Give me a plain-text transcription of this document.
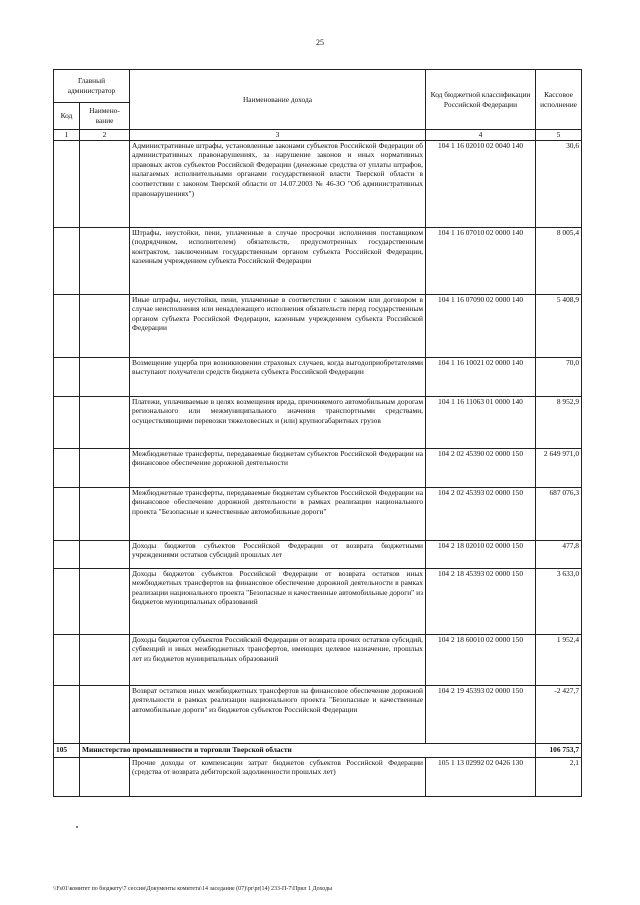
25
Главный администратор		Наименование дохода	Код бюджетной классификации Российской Федерации	Кассовое исполнение
Код	Наимено-вание			
1	2	3	4	5
		Административные штрафы, установленные законами субъектов Российской Федерации об административных правонарушениях, за нарушение законов и иных нормативных правовых актов субъектов Российской Федерации (денежные средства от уплаты штрафов, налагаемых исполнительными органами государственной власти Тверской области в соответствии с законом Тверской области от 14.07.2003 № 46-ЗО "Об административных правонарушениях")	104 1 16 02010 02 0040 140	30,6
		Штрафы, неустойки, пени, уплаченные в случае просрочки исполнения поставщиком (подрядчиком, исполнителем) обязательств, предусмотренных государственным контрактом, заключенным государственным органом субъекта Российской Федерации, казенным учреждением субъекта Российской Федерации	104 1 16 07010 02 0000 140	8 005,4
		Иные штрафы, неустойки, пени, уплаченные в соответствии с законом или договором в случае неисполнения или ненадлежащего исполнения обязательств перед государственным органом субъекта Российской Федерации, казенным учреждением субъекта Российской Федерации	104 1 16 07090 02 0000 140	5 408,9
		Возмещение ущерба при возникновении страховых случаев, когда выгодоприобретателями выступают получатели средств бюджета субъекта Российской Федерации	104 1 16 10021 02 0000 140	70,0
		Платежи, уплачиваемые в целях возмещения вреда, причиняемого автомобильным дорогам регионального или межмуниципального значения транспортными средствами, осуществляющими перевозки тяжеловесных и (или) крупногабаритных грузов	104 1 16 11063 01 0000 140	8 952,9
		Межбюджетные трансферты, передаваемые бюджетам субъектов Российской Федерации на финансовое обеспечение дорожной деятельности	104 2 02 45390 02 0000 150	2 649 971,0
		Межбюджетные трансферты, передаваемые бюджетам субъектов Российской Федерации на финансовое обеспечение дорожной деятельности в рамках реализации национального проекта "Безопасные и качественные автомобильные дороги"	104 2 02 45393 02 0000 150	687 076,3
		Доходы бюджетов субъектов Российской Федерации от возврата бюджетными учреждениями остатков субсидий прошлых лет	104 2 18 02010 02 0000 150	477,8
		Доходы бюджетов субъектов Российской Федерации от возврата остатков иных межбюджетных трансфертов на финансовое обеспечение дорожной деятельности в рамках реализации национального проекта "Безопасные и качественные автомобильные дороги" из бюджетов муниципальных образований	104 2 18 45393 02 0000 150	3 633,0
		Доходы бюджетов субъектов Российской Федерации от возврата прочих остатков субсидий, субвенций и иных межбюджетных трансфертов, имеющих целевое назначение, прошлых лет из бюджетов муниципальных образований	104 2 18 60010 02 0000 150	1 952,4
		Возврат остатков иных межбюджетных трансфертов на финансовое обеспечение дорожной деятельности в рамках реализации национального проекта "Безопасные и качественные автомобильные дороги" из бюджетов субъектов Российской Федерации	104 2 19 45393 02 0000 150	-2 427,7
105	Министерство промышленности и торговли Тверской области			106 753,7
		Прочие доходы от компенсации затрат бюджетов субъектов Российской Федерации (средства от возврата дебиторской задолженности прошлых лет)	105 1 13 02992 02 0426 130	2,1
\\Fs01\комитет по бюджету\7 сессия\Документы комитета\14 заседание (07)\pr\pr(14) 233-П-7\Прил 1 Доходы
